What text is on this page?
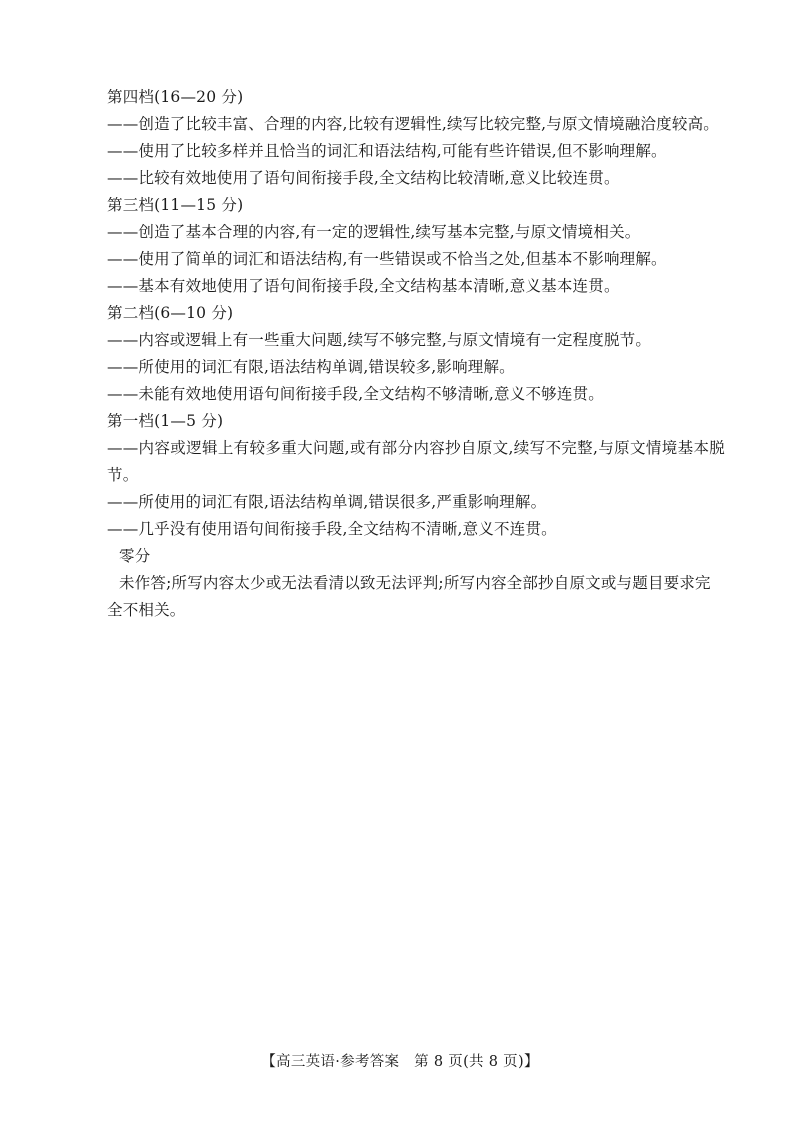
第四档(16—20 分)
——创造了比较丰富、合理的内容,比较有逻辑性,续写比较完整,与原文情境融洽度较高。
——使用了比较多样并且恰当的词汇和语法结构,可能有些许错误,但不影响理解。
——比较有效地使用了语句间衔接手段,全文结构比较清晰,意义比较连贯。
第三档(11—15 分)
——创造了基本合理的内容,有一定的逻辑性,续写基本完整,与原文情境相关。
——使用了简单的词汇和语法结构,有一些错误或不恰当之处,但基本不影响理解。
——基本有效地使用了语句间衔接手段,全文结构基本清晰,意义基本连贯。
第二档(6—10 分)
——内容或逻辑上有一些重大问题,续写不够完整,与原文情境有一定程度脱节。
——所使用的词汇有限,语法结构单调,错误较多,影响理解。
——未能有效地使用语句间衔接手段,全文结构不够清晰,意义不够连贯。
第一档(1—5 分)
——内容或逻辑上有较多重大问题,或有部分内容抄自原文,续写不完整,与原文情境基本脱节。
——所使用的词汇有限,语法结构单调,错误很多,严重影响理解。
——几乎没有使用语句间衔接手段,全文结构不清晰,意义不连贯。
零分
未作答;所写内容太少或无法看清以致无法评判;所写内容全部抄自原文或与题目要求完全不相关。
【高三英语·参考答案　第 8 页(共 8 页)】
